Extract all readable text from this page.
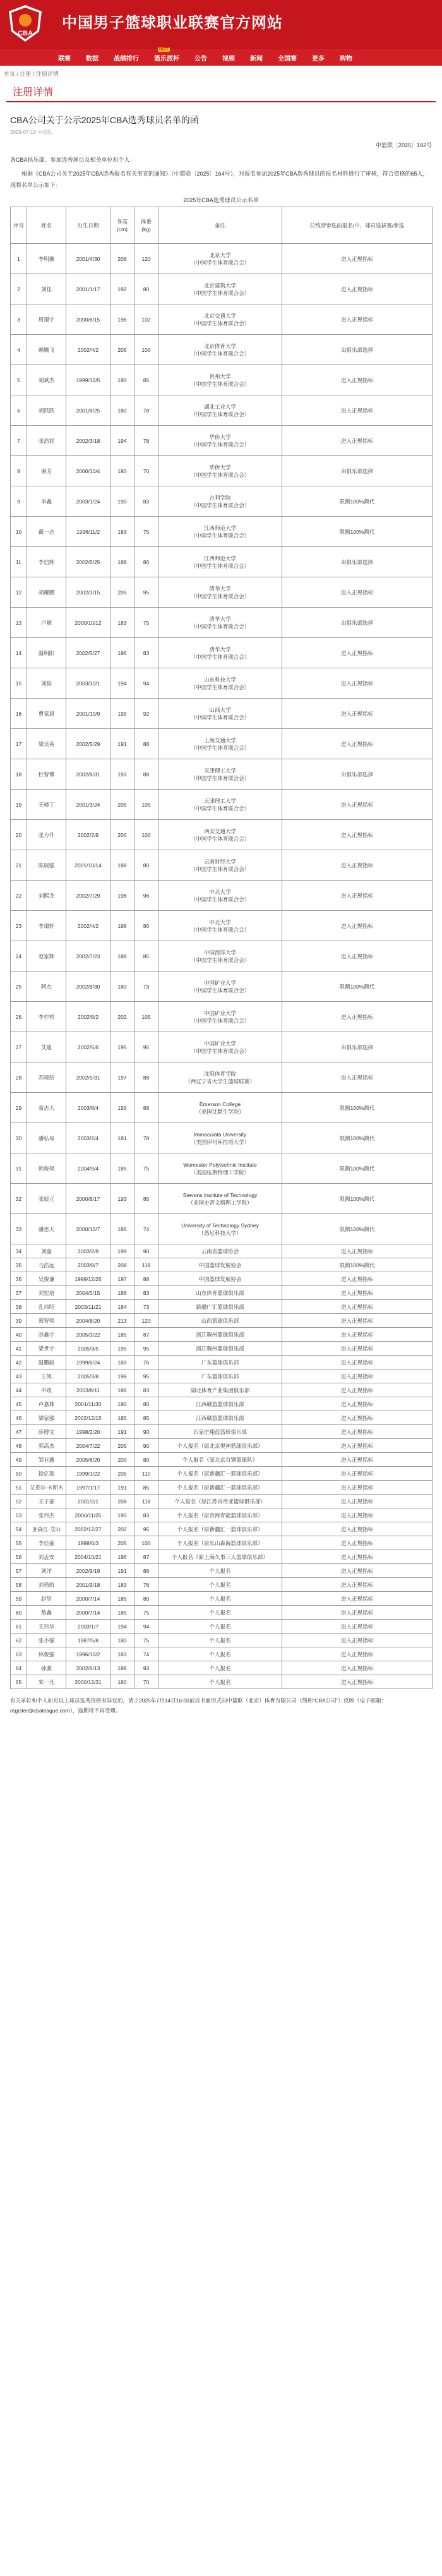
CBA
中国男子篮球职业联赛官方网站
联赛 数据 战绩排行 篮乐派杯
HOT
公告 视频 新闻 全国赛 更多 购物
首页 / 注册 / 注册详情
注册详情
CBA公司关于公示2025年CBA选秀球员名单的函
2025-07-10 中国队
中篮联〔2025〕192号
各CBA俱乐部、参加选秀球员及相关单位和个人：
根据《CBA公司关于2025年CBA选秀报名有关事宜的通知》（中篮联〔2025〕164号），对报名参加2025年CBA选秀球员的报名材料进行了审核，符合资格的65人，现将名单公示如下：
2025年CBA选秀球员公示名单
序号	姓名	出生日期	身高(cm)	体重(kg)	备注	拉练营参选前报名/中、球员选拔赛/参选
1	李明瀚	2001/4/30	208	120	北京大学
（中国学生体育联合会）	进入正规指标
2	刘佳	2001/1/17	192	80	北京建筑大学
（中国学生体育联合会）	进入正规指标
3	周璟宇	2000/6/15	196	102	北京交通大学
（中国学生体育联合会）	进入正规指标
4	赖腾飞	2002/4/2	205	100	北京体育大学
（中国学生体育联合会）	由俱乐部选择
5	胡斌杰	1999/12/5	190	85	贵州大学
（中国学生体育联合会）	进入正规指标
6	胡凯跃	2001/8/25	180	78	湖北工业大学
（中国学生体育联合会）	进入正规指标
7	张浩铭	2002/3/18	194	78	华侨大学
（中国学生体育联合会）	进入正规指标
8	谢芳	2000/10/4	180	70	华侨大学
（中国学生体育联合会）	由俱乐部选择
9	李鑫	2003/1/24	190	83	吉利学院
（中国学生体育联合会）	限额100%额代
10	戴一志	1996/11/2	183	75	江西师范大学
（中国学生体育联合会）	限额100%额代
11	李信辉	2002/6/25	188	86	江西师范大学
（中国学生体育联合会）	由俱乐部选择
12	胡耀鹏	2002/3/15	205	95	清华大学
（中国学生体育联合会）	进入正规指标
13	卢琥	2000/10/12	183	75	清华大学
（中国学生体育联合会）	由俱乐部选择
14	温明阳	2002/5/27	196	83	清华大学
（中国学生体育联合会）	进入正规指标
15	刘俊	2003/3/21	194	94	山东科技大学
（中国学生体育联合会）	进入正规指标
16	曹家晨	2001/10/9	199	92	山西大学
（中国学生体育联合会）	进入正规指标
17	梁吴英	2002/5/29	191	88	上海交通大学
（中国学生体育联合会）	进入正规指标
18	杜智博	2002/8/31	193	88	天津理工大学
（中国学生体育联合会）	由俱乐部选择
19	王峰丁	2001/3/24	205	105	天津理工大学
（中国学生体育联合会）	进入正规指标
20	张力升	2002/2/9	200	100	西安交通大学
（中国学生体育联合会）	进入正规指标
21	陈展强	2001/10/14	188	80	云南财经大学
（中国学生体育联合会）	进入正规指标
22	刘熙龙	2002/7/29	196	96	中北大学
（中国学生体育联合会）	进入正规指标
23	李璟轩	2002/4/2	198	80	中北大学
（中国学生体育联合会）	进入正规指标
24	赵家辉	2002/7/23	188	85	中国海洋大学
（中国学生体育联合会）	进入正规指标
25	阿杰	2002/8/30	180	73	中国矿业大学
（中国学生体育联合会）	限额100%额代
26	李亦哲	2002/8/2	202	105	中国矿业大学
（中国学生体育联合会）	进入正规指标
27	艾迪	2002/5/6	195	95	中国矿业大学
（中国学生体育联合会）	由俱乐部选择
28	苏琦绍	2002/5/31	197	88	沈阳体育学院
（西辽宁省大学生篮球联赛）	进入正规指标
29	聂志大	2003/8/4	193	88	Emerson College
（美国艾默生学院）	限额100%额代
30	潘弘易	2003/2/4	181	78	Immaculata University
（美国伊玛库拉塔大学）	限额100%额代
31	韩俊翔	2004/9/4	185	75	Worcester Polytechnic Institute
（美国伍斯特理工学院）	限额100%额代
32	张辰元	2000/8/17	193	85	Stevens Institute of Technology
（美国史蒂文斯理工学院）	限额100%额代
33	潘思天	2000/12/7	186	74	University of Technology Sydney
（悉尼科技大学）	限额100%额代
34	刘嘉	2003/2/9	199	90	云南省篮球协会	进入正规指标
35	马浩远	2003/8/7	208	118	中国篮球发展协会	限额100%额代
36	吴俊谦	1999/12/26	197	88	中国篮球发展协会	进入正规指标
37	刘宏培	2004/5/15	188	83	山东体育篮球俱乐部	进入正规指标
38	孔伟明	2003/11/21	184	73	新疆广汇篮球俱乐部	进入正规指标
39	郑智翔	2004/8/20	213	120	山西篮球俱乐部	进入正规指标
40	赵鑫宇	2005/3/22	185	87	浙江稠州篮球俱乐部	进入正规指标
41	梁世宇	2005/3/5	195	95	浙江稠州篮球俱乐部	进入正规指标
42	温鹏骏	1999/6/24	183	76	广东篮球俱乐部	进入正规指标
43	王凯	2005/3/8	198	95	广东篮球俱乐部	进入正规指标
44	申政	2003/8/11	186	83	湖北体育产业集团俱乐部	进入正规指标
45	卢嘉林	2001/11/30	190	80	江西赣篮篮球俱乐部	进入正规指标
46	梁家强	2002/12/15	185	85	江西赣篮篮球俱乐部	进入正规指标
47	薛博文	1998/2/20	191	90	石家庄翔蓝篮球俱乐部	进入正规指标
48	郭高杰	2004/7/22	205	90	个人报名（原北京奥神篮球俱乐部）	进入正规指标
49	邹业鑫	2005/6/20	200	80	个人报名（原北京首钢篮球队）	进入正规指标
50	徐亿瑞	1999/1/22	205	110	个人报名（原新疆汇一篮球俱乐部）	进入正规指标
51	艾麦尔·卡斯木	1997/1/17	191	85	个人报名（原新疆汇一篮球俱乐部）	进入正规指标
52	王子豪	2001/2/1	208	118	个人报名（原江苏肯帝亚篮球俱乐部）	进入正规指标
53	张伟杰	2000/11/25	190	83	个人报名（原青海青能篮球俱乐部）	进入正规指标
54	亚森江·艾山	2002/12/27	202	95	个人报名（原新疆汇一篮球俱乐部）	进入正规指标
55	李佳豪	1998/6/3	205	100	个人报名（原乐山森海篮球俱乐部）	进入正规指标
56	刘孟安	2004/10/21	196	87	个人报名（原上海久事三人篮球俱乐部）	进入正规指标
57	刘洋	2002/9/19	191	88	个人报名	进入正规指标
58	刘勃航	2001/9/18	183	76	个人报名	进入正规指标
59	赵昊	2000/7/14	185	80	个人报名	进入正规指标
60	敖鑫	2000/7/14	185	75	个人报名	进入正规指标
61	王玮华	2003/1/7	194	94	个人报名	进入正规指标
62	张小强	1987/5/8	180	75	个人报名	进入正规指标
63	林俊强	1996/10/2	183	74	个人报名	进入正规指标
64	孙骏	2002/6/13	188	93	个人报名	进入正规指标
65	朱一凡	2000/12/31	180	70	个人报名	进入正规指标
有关单位和个人如对以上球员选秀资格有异议的，请于2025年7月14日16:00前以书面形式向中篮联（北京）体育有限公司（简称“CBA公司”）反映（电子邮箱：register@cbaleague.com），逾期将不再受理。
